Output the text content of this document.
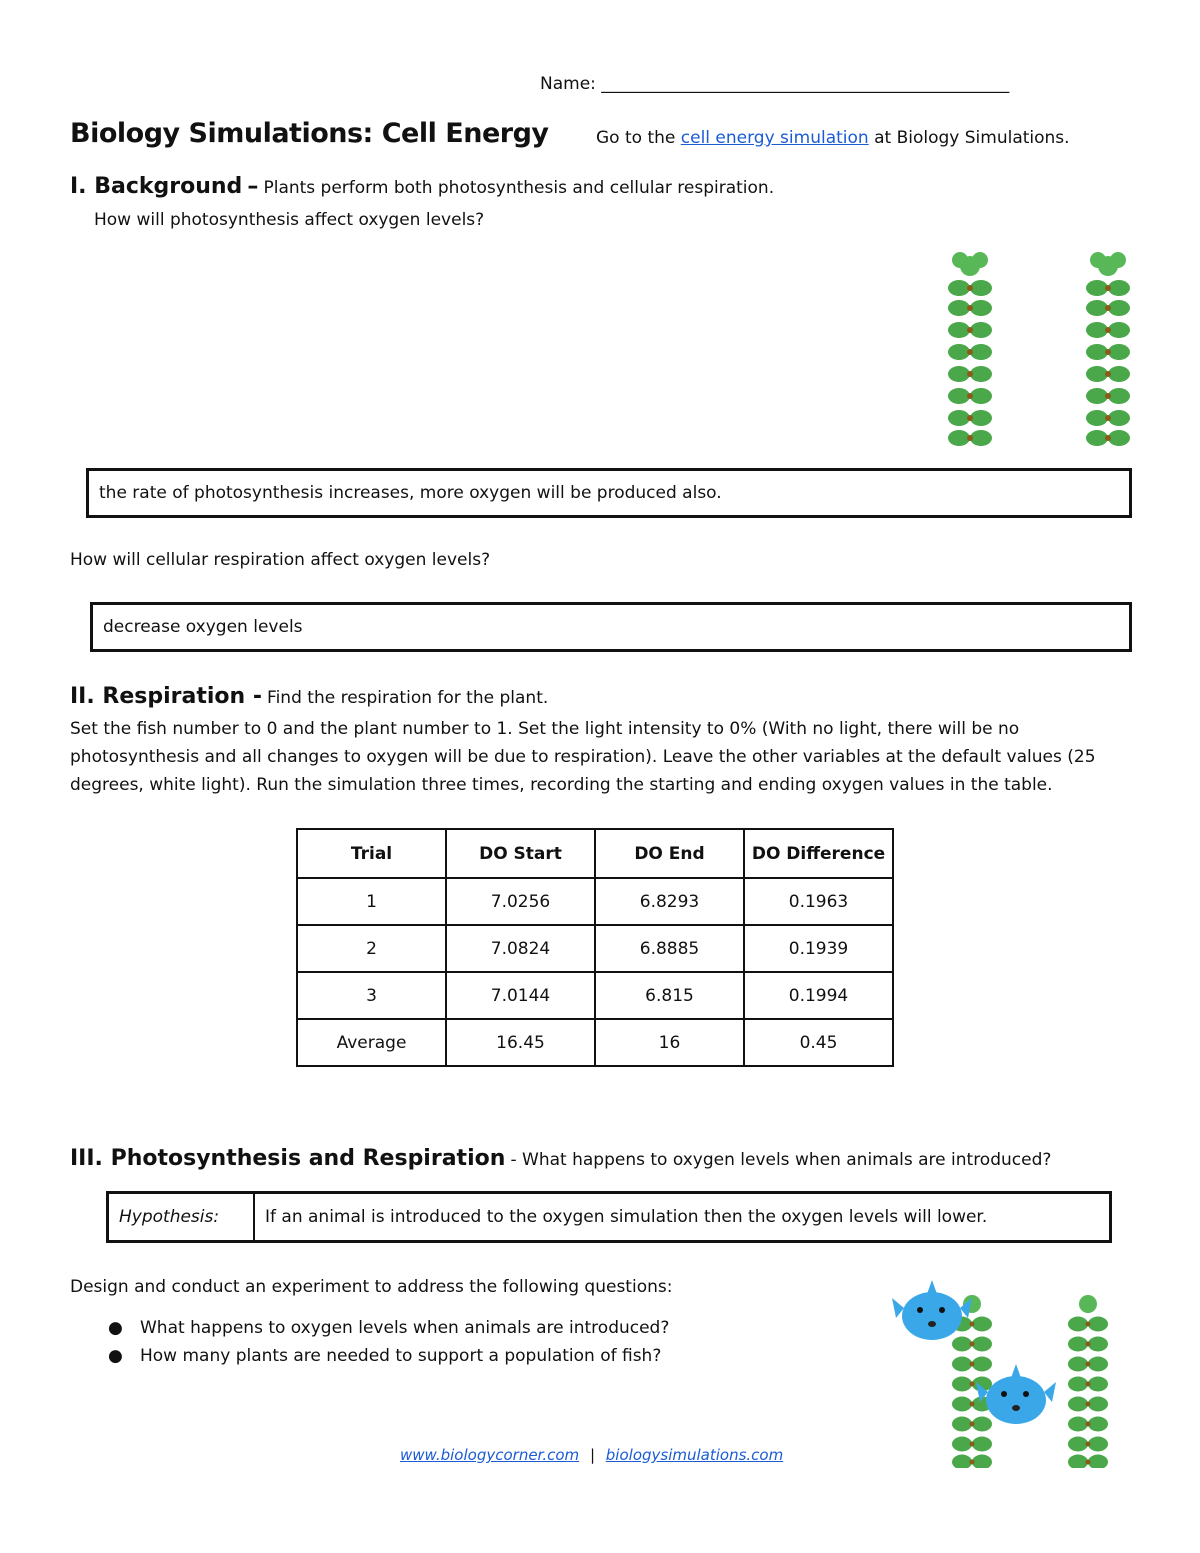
Name: ________________________________________________
Biology Simulations: Cell Energy	Go to the cell energy simulation at Biology Simulations.
I. Background – Plants perform both photosynthesis and cellular respiration.
How will photosynthesis affect oxygen levels?
the rate of photosynthesis increases, more oxygen will be produced also.
How will cellular respiration affect oxygen levels?
decrease oxygen levels
II. Respiration - Find the respiration for the plant.
Set the fish number to 0 and the plant number to 1. Set the light intensity to 0% (With no light, there will be no
photosynthesis and all changes to oxygen will be due to respiration). Leave the other variables at the default values (25
degrees, white light). Run the simulation three times, recording the starting and ending oxygen values in the table.
Trial	DO Start	DO End	DO Difference
1	7.0256	6.8293	0.1963
2	7.0824	6.8885	0.1939
3	7.0144	6.815	0.1994
Average	16.45	16	0.45
III. Photosynthesis and Respiration - What happens to oxygen levels when animals are introduced?
Hypothesis:	If an animal is introduced to the oxygen simulation then the oxygen levels will lower.
Design and conduct an experiment to address the following questions:
● What happens to oxygen levels when animals are introduced?
● How many plants are needed to support a population of fish?
www.biologycorner.com | biologysimulations.com
